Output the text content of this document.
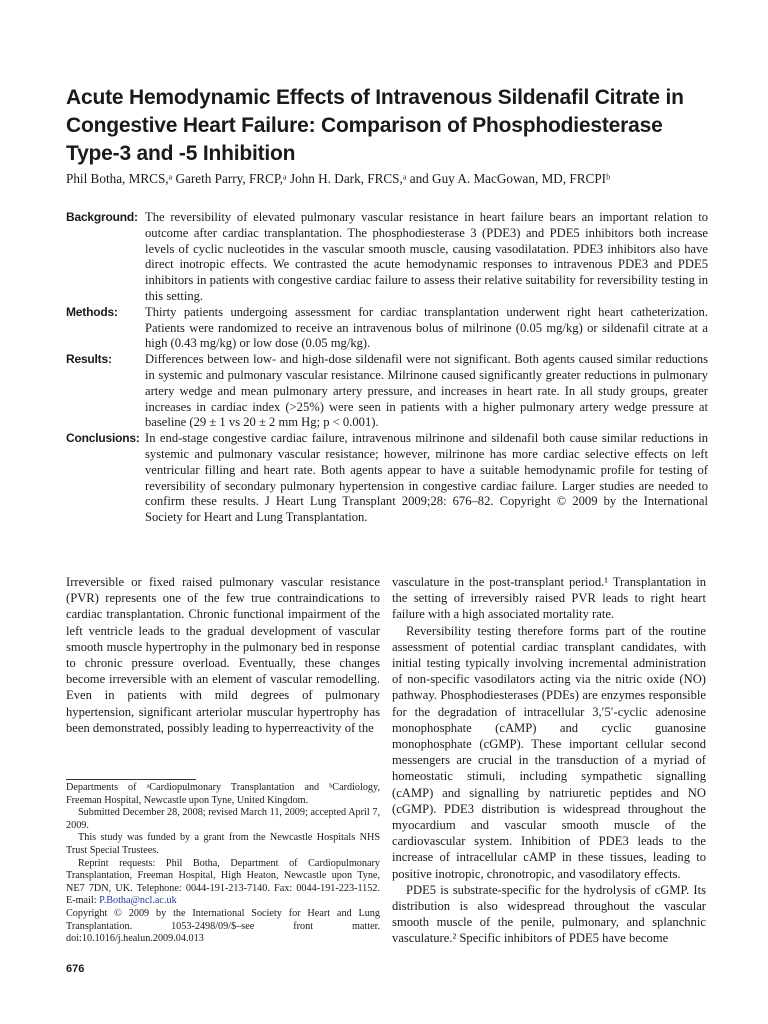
Acute Hemodynamic Effects of Intravenous Sildenafil Citrate in Congestive Heart Failure: Comparison of Phosphodiesterase Type-3 and -5 Inhibition
Phil Botha, MRCS,ᵃ Gareth Parry, FRCP,ᵃ John H. Dark, FRCS,ᵃ and Guy A. MacGowan, MD, FRCPIᵇ
Background: The reversibility of elevated pulmonary vascular resistance in heart failure bears an important relation to outcome after cardiac transplantation. The phosphodiesterase 3 (PDE3) and PDE5 inhibitors both increase levels of cyclic nucleotides in the vascular smooth muscle, causing vasodilatation. PDE3 inhibitors also have direct inotropic effects. We contrasted the acute hemodynamic responses to intravenous PDE3 and PDE5 inhibitors in patients with congestive cardiac failure to assess their relative suitability for reversibility testing in this setting.
Methods:	Thirty patients undergoing assessment for cardiac transplantation underwent right heart catheterization. Patients were randomized to receive an intravenous bolus of milrinone (0.05 mg/kg) or sildenafil citrate at a high (0.43 mg/kg) or low dose (0.05 mg/kg).
Results:	Differences between low- and high-dose sildenafil were not significant. Both agents caused similar reductions in systemic and pulmonary vascular resistance. Milrinone caused significantly greater reductions in pulmonary artery wedge and mean pulmonary artery pressure, and increases in heart rate. In all study groups, greater increases in cardiac index (>25%) were seen in patients with a higher pulmonary artery wedge pressure at baseline (29 ± 1 vs 20 ± 2 mm Hg; p < 0.001).
Conclusions: In end-stage congestive cardiac failure, intravenous milrinone and sildenafil both cause similar reductions in systemic and pulmonary vascular resistance; however, milrinone has more cardiac selective effects on left ventricular filling and heart rate. Both agents appear to have a suitable hemodynamic profile for testing of reversibility of secondary pulmonary hypertension in congestive cardiac failure. Larger studies are needed to confirm these results. J Heart Lung Transplant 2009;28: 676–82. Copyright © 2009 by the International Society for Heart and Lung Transplantation.

Irreversible or fixed raised pulmonary vascular resistance (PVR) represents one of the few true contraindications to cardiac transplantation. Chronic functional impairment of the left ventricle leads to the gradual development of vascular smooth muscle hypertrophy in the pulmonary bed in response to chronic pressure overload. Eventually, these changes become irreversible with an element of vascular remodelling. Even in patients with mild degrees of pulmonary hypertension, significant arteriolar muscular hypertrophy has been demonstrated, possibly leading to hyperreactivity of the

vasculature in the post-transplant period.¹ Transplantation in the setting of irreversibly raised PVR leads to right heart failure with a high associated mortality rate.

Reversibility testing therefore forms part of the routine assessment of potential cardiac transplant candidates, with initial testing typically involving incremental administration of non-specific vasodilators acting via the nitric oxide (NO) pathway. Phosphodiesterases (PDEs) are enzymes responsible for the degradation of intracellular 3,′5′-cyclic adenosine monophosphate (cAMP) and cyclic guanosine monophosphate (cGMP). These important cellular second messengers are crucial in the transduction of a myriad of homeostatic stimuli, including sympathetic signalling (cAMP) and signalling by natriuretic peptides and NO (cGMP). PDE3 distribution is widespread throughout the myocardium and vascular smooth muscle of the cardiovascular system. Inhibition of PDE3 leads to the increase of intracellular cAMP in these tissues, leading to positive inotropic, chronotropic, and vasodilatory effects.

PDE5 is substrate-specific for the hydrolysis of cGMP. Its distribution is also widespread throughout the vascular smooth muscle of the penile, pulmonary, and splanchnic vasculature.² Specific inhibitors of PDE5 have become

Departments of ᵃCardiopulmonary Transplantation and ᵇCardiology, Freeman Hospital, Newcastle upon Tyne, United Kingdom.

Submitted December 28, 2008; revised March 11, 2009; accepted April 7, 2009.

This study was funded by a grant from the Newcastle Hospitals NHS Trust Special Trustees.

Reprint requests: Phil Botha, Department of Cardiopulmonary Transplantation, Freeman Hospital, High Heaton, Newcastle upon Tyne, NE7 7DN, UK. Telephone: 0044-191-213-7140. Fax: 0044-191-223-1152. E-mail: P.Botha@ncl.ac.uk

Copyright © 2009 by the International Society for Heart and Lung Transplantation. 1053-2498/09/$–see front matter. doi:10.1016/j.healun.2009.04.013

676
